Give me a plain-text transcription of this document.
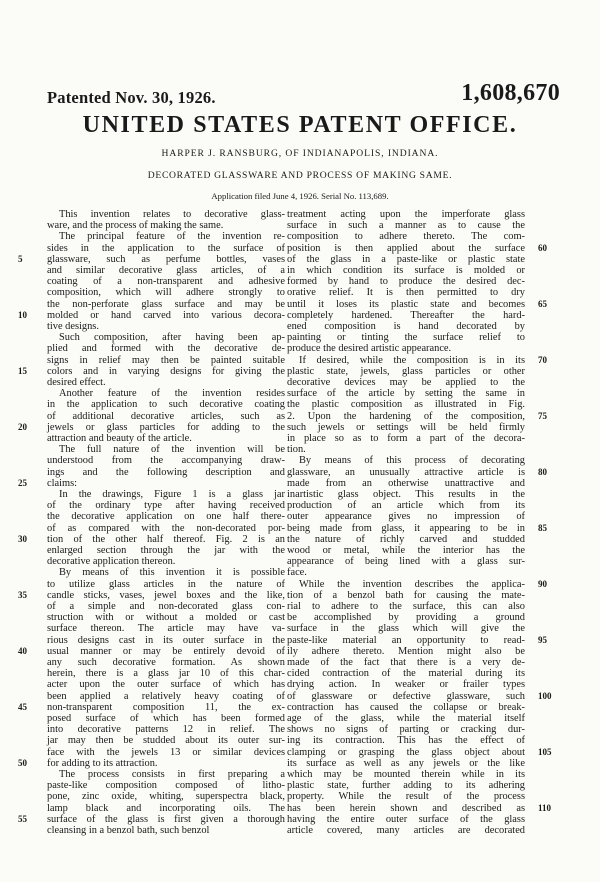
Patented Nov. 30, 1926.	1,608,670
UNITED STATES PATENT OFFICE.
HARPER J. RANSBURG, OF INDIANAPOLIS, INDIANA.
DECORATED GLASSWARE AND PROCESS OF MAKING SAME.
Application filed June 4, 1926. Serial No. 113,689.
This invention relates to decorative glass-
ware, and the process of making the same.
The principal feature of the invention re-
sides in the application to the surface of
glassware, such as perfume bottles, vases
and similar decorative glass articles, of a
coating of a non-transparent and adhesive
composition, which will adhere strongly to
the non-perforate glass surface and may be
molded or hand carved into various decora-
tive designs.
Such composition, after having been ap-
plied and formed with the decorative de-
signs in relief may then be painted suitable
colors and in varying designs for giving the
desired effect.
Another feature of the invention resides
in the application to such decorative coating
of additional decorative articles, such as
jewels or glass particles for adding to the
attraction and beauty of the article.
The full nature of the invention will be
understood from the accompanying draw-
ings and the following description and
claims:
In the drawings, Figure 1 is a glass jar
of the ordinary type after having received
the decorative application on one half there-
of as compared with the non-decorated por-
tion of the other half thereof. Fig. 2 is an
enlarged section through the jar with the
decorative application thereon.
By means of this invention it is possible
to utilize glass articles in the nature of
candle sticks, vases, jewel boxes and the like,
of a simple and non-decorated glass con-
struction with or without a molded or cast
surface thereon. The article may have va-
rious designs cast in its outer surface in the
usual manner or may be entirely devoid of
any such decorative formation. As shown
herein, there is a glass jar 10 of this char-
acter upon the outer surface of which has
been applied a relatively heavy coating of
non-transparent composition 11, the ex-
posed surface of which has been formed
into decorative patterns 12 in relief. The
jar may then be studded about its outer sur-
face with the jewels 13 or similar devices
for adding to its attraction.
The process consists in first preparing a
paste-like composition composed of litho-
pone, zinc oxide, whiting, superspectra black,
lamp black and incorporating oils. The
surface of the glass is first given a thorough
cleansing in a benzol bath, such benzol
treatment acting upon the imperforate glass
surface in such a manner as to cause the
composition to adhere thereto. The com-
position is then applied about the surface
of the glass in a paste-like or plastic state
in which condition its surface is molded or
formed by hand to produce the desired dec-
orative relief. It is then permitted to dry
until it loses its plastic state and becomes
completely hardened. Thereafter the hard-
ened composition is hand decorated by
painting or tinting the surface relief to
produce the desired artistic appearance.
If desired, while the composition is in its
plastic state, jewels, glass particles or other
decorative devices may be applied to the
surface of the article by setting the same in
the plastic composition as illustrated in Fig.
2. Upon the hardening of the composition,
such jewels or settings will be held firmly
in place so as to form a part of the decora-
tion.
By means of this process of decorating
glassware, an unusually attractive article is
made from an otherwise unattractive and
inartistic glass object. This results in the
production of an article which from its
outer appearance gives no impression of
being made from glass, it appearing to be in
the nature of richly carved and studded
wood or metal, while the interior has the
appearance of being lined with a glass sur-
face.
While the invention describes the applica-
tion of a benzol bath for causing the mate-
rial to adhere to the surface, this can also
be accomplished by providing a ground
surface in the glass which will give the
paste-like material an opportunity to read-
ily adhere thereto. Mention might also be
made of the fact that there is a very de-
cided contraction of the material during its
drying action. In weaker or frailer types
of glassware or defective glassware, such
contraction has caused the collapse or break-
age of the glass, while the material itself
shows no signs of parting or cracking dur-
ing its contraction. This has the effect of
clamping or grasping the glass object about
its surface as well as any jewels or the like
which may be mounted therein while in its
plastic state, further adding to its adhering
property. While the result of the process
has been herein shown and described as
having the entire outer surface of the glass
article covered, many articles are decorated
5
10
15
20
25
30
35
40
45
50
55
60
65
70
75
80
85
90
95
100
105
110
